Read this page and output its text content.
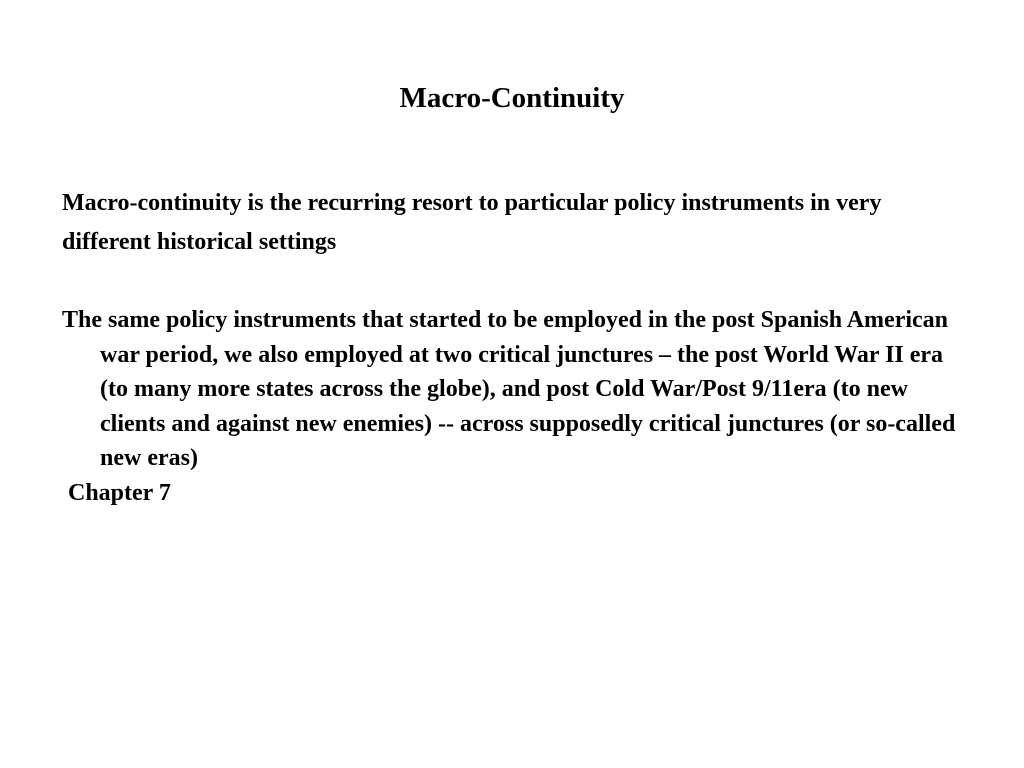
Macro-Continuity

Macro-continuity is the recurring resort to particular policy instruments in very

different historical settings

The same policy instruments that started to be employed in the post Spanish American war period, we also employed at two critical junctures – the post World War II era (to many more states across the globe), and post Cold War/Post 9/11era (to new clients and against new enemies) -- across supposedly critical junctures (or so-called new eras)
Chapter 7
